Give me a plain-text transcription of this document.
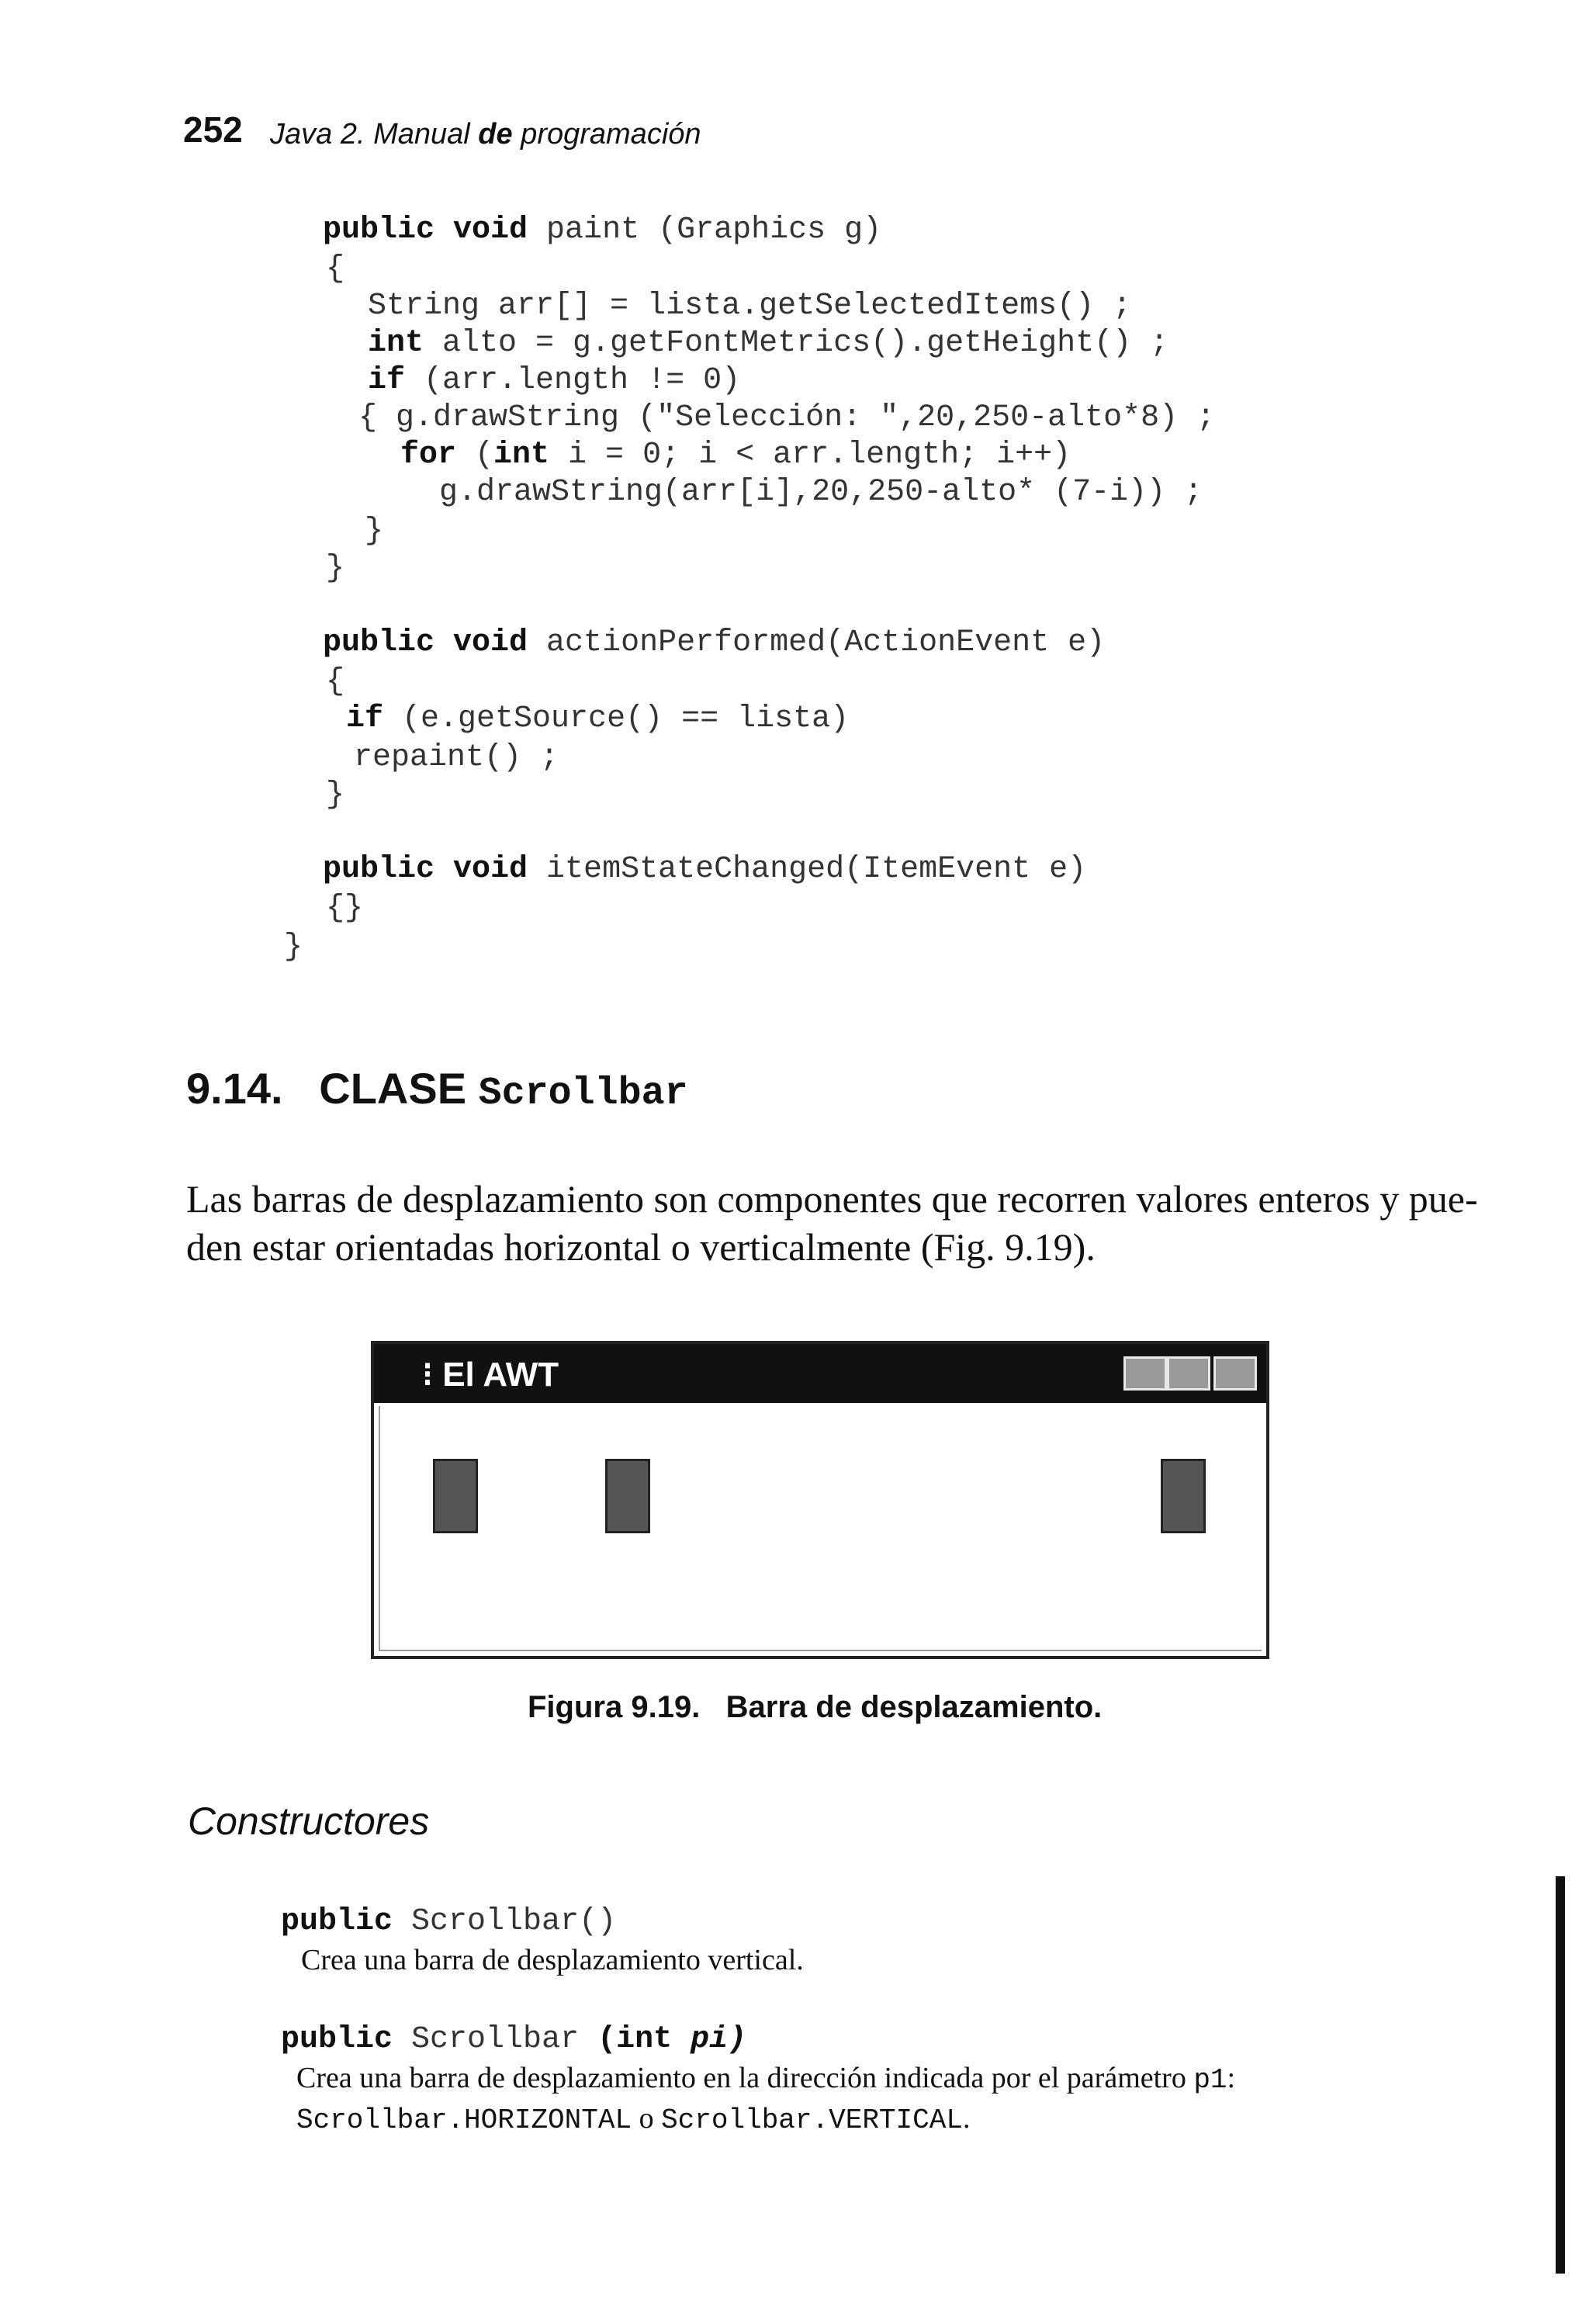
252 Java 2. Manual de programación
public void paint (Graphics g)
{
String arr[] = lista.getSelectedItems() ;
int alto = g.getFontMetrics().getHeight() ;
if (arr.length != 0)
{ g.drawString ("Selección: ",20,250-alto*8) ;
for (int i = 0; i < arr.length; i++)
g.drawString(arr[i],20,250-alto* (7-i)) ;
}
}
public void actionPerformed(ActionEvent e)
{
if (e.getSource() == lista)
repaint() ;
}
public void itemStateChanged(ItemEvent e)
{}
}
9.14. CLASE Scrollbar
Las barras de desplazamiento son componentes que recorren valores enteros y pue-
den estar orientadas horizontal o verticalmente (Fig. 9.19).
⁝ El AWT
Figura 9.19. Barra de desplazamiento.
Constructores
public Scrollbar()
Crea una barra de desplazamiento vertical.
public Scrollbar (int pi)
Crea una barra de desplazamiento en la dirección indicada por el parámetro p1:
Scrollbar.HORIZONTAL o Scrollbar.VERTICAL.
